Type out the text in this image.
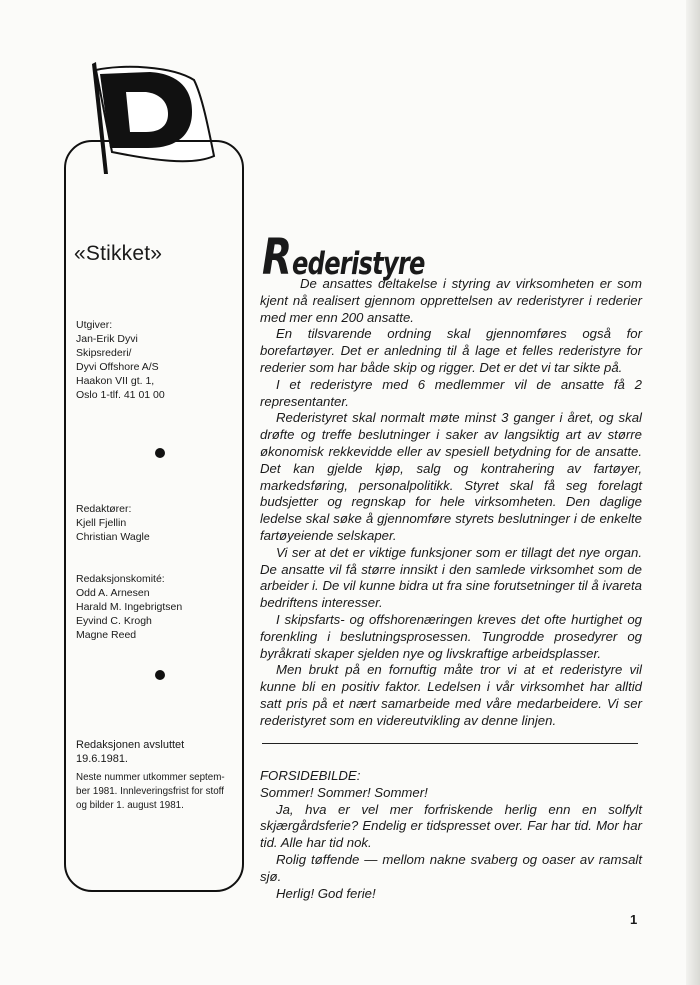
«Stikket»
Utgiver:
Jan-Erik Dyvi
Skipsrederi/
Dyvi Offshore A/S
Haakon VII gt. 1,
Oslo 1-tlf. 41 01 00
Redaktører:
Kjell Fjellin
Christian Wagle
Redaksjonskomité:
Odd A. Arnesen
Harald M. Ingebrigtsen
Eyvind C. Krogh
Magne Reed
Redaksjonen avsluttet
19.6.1981.
Neste nummer utkommer septem-
ber 1981. Innleveringsfrist for stoff
og bilder 1. august 1981.
Rederistyre

De ansattes deltakelse i styring av virksomheten er som kjent nå realisert gjennom opprettelsen av rederistyrer i rederier med mer enn 200 ansatte.

En tilsvarende ordning skal gjennomføres også for borefartøyer. Det er anledning til å lage et felles rederistyre for rederier som har både skip og rigger. Det er det vi tar sikte på.

I et rederistyre med 6 medlemmer vil de ansatte få 2 representanter.

Rederistyret skal normalt møte minst 3 ganger i året, og skal drøfte og treffe beslutninger i saker av langsiktig art av større økonomisk rekkevidde eller av spesiell betydning for de ansatte. Det kan gjelde kjøp, salg og kontrahering av fartøyer, markedsføring, personalpolitikk. Styret skal få seg forelagt budsjetter og regnskap for hele virksomheten. Den daglige ledelse skal søke å gjennomføre styrets beslutninger i de enkelte fartøyeiende selskaper.

Vi ser at det er viktige funksjoner som er tillagt det nye organ. De ansatte vil få større innsikt i den samlede virksomhet som de arbeider i. De vil kunne bidra ut fra sine forutsetninger til å ivareta bedriftens interesser.

I skipsfarts- og offshorenæringen kreves det ofte hurtighet og forenkling i beslutningsprosessen. Tungrodde prosedyrer og byråkrati skaper sjelden nye og livskraftige arbeidsplasser.

Men brukt på en fornuftig måte tror vi at et rederistyre vil kunne bli en positiv faktor. Ledelsen i vår virksomhet har alltid satt pris på et nært samarbeide med våre medarbeidere. Vi ser rederistyret som en videreutvikling av denne linjen.

FORSIDEBILDE:

Sommer! Sommer! Sommer!

Ja, hva er vel mer forfriskende herlig enn en solfylt skjærgårdsferie? Endelig er tidspresset over. Far har tid. Mor har tid. Alle har tid nok.

Rolig tøffende — mellom nakne svaberg og oaser av ramsalt sjø.

Herlig! God ferie!

1
